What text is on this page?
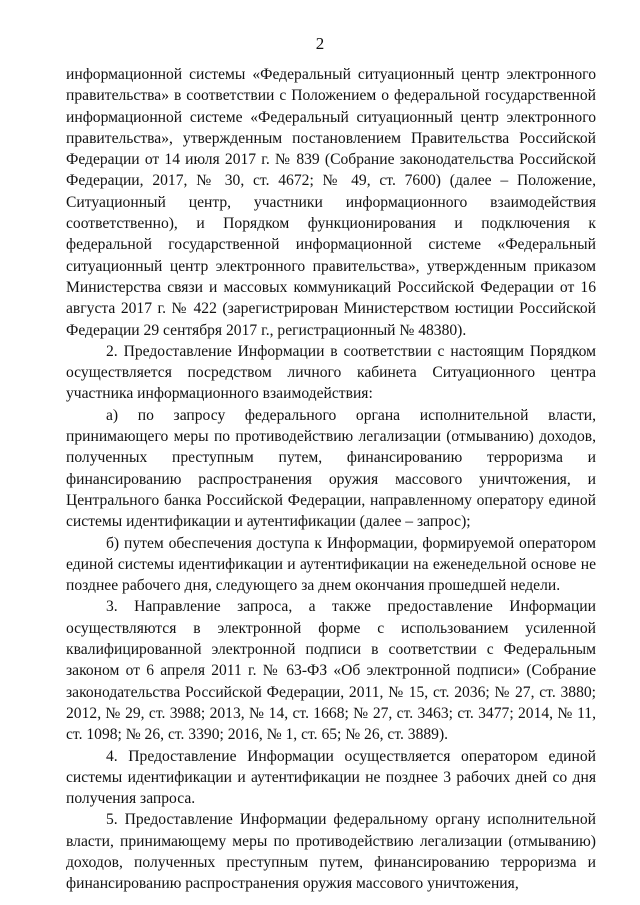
2

информационной системы «Федеральный ситуационный центр электронного правительства» в соответствии с Положением о федеральной государственной информационной системе «Федеральный ситуационный центр электронного правительства», утвержденным постановлением Правительства Российской Федерации от 14 июля 2017 г. № 839 (Собрание законодательства Российской Федерации, 2017, № 30, ст. 4672; № 49, ст. 7600) (далее – Положение, Ситуационный центр, участники информационного взаимодействия соответственно), и Порядком функционирования и подключения к федеральной государственной информационной системе «Федеральный ситуационный центр электронного правительства», утвержденным приказом Министерства связи и массовых коммуникаций Российской Федерации от 16 августа 2017 г. № 422 (зарегистрирован Министерством юстиции Российской Федерации 29 сентября 2017 г., регистрационный № 48380).

2. Предоставление Информации в соответствии с настоящим Порядком осуществляется посредством личного кабинета Ситуационного центра участника информационного взаимодействия:

а) по запросу федерального органа исполнительной власти, принимающего меры по противодействию легализации (отмыванию) доходов, полученных преступным путем, финансированию терроризма и финансированию распространения оружия массового уничтожения, и Центрального банка Российской Федерации, направленному оператору единой системы идентификации и аутентификации (далее – запрос);

б) путем обеспечения доступа к Информации, формируемой оператором единой системы идентификации и аутентификации на еженедельной основе не позднее рабочего дня, следующего за днем окончания прошедшей недели.

3. Направление запроса, а также предоставление Информации осуществляются в электронной форме с использованием усиленной квалифицированной электронной подписи в соответствии с Федеральным законом от 6 апреля 2011 г. № 63-ФЗ «Об электронной подписи» (Собрание законодательства Российской Федерации, 2011, № 15, ст. 2036; № 27, ст. 3880; 2012, № 29, ст. 3988; 2013, № 14, ст. 1668; № 27, ст. 3463; ст. 3477; 2014, № 11, ст. 1098; № 26, ст. 3390; 2016, № 1, ст. 65; № 26, ст. 3889).

4. Предоставление Информации осуществляется оператором единой системы идентификации и аутентификации не позднее 3 рабочих дней со дня получения запроса.

5. Предоставление Информации федеральному органу исполнительной власти, принимающему меры по противодействию легализации (отмыванию) доходов, полученных преступным путем, финансированию терроризма и финансированию распространения оружия массового уничтожения,
